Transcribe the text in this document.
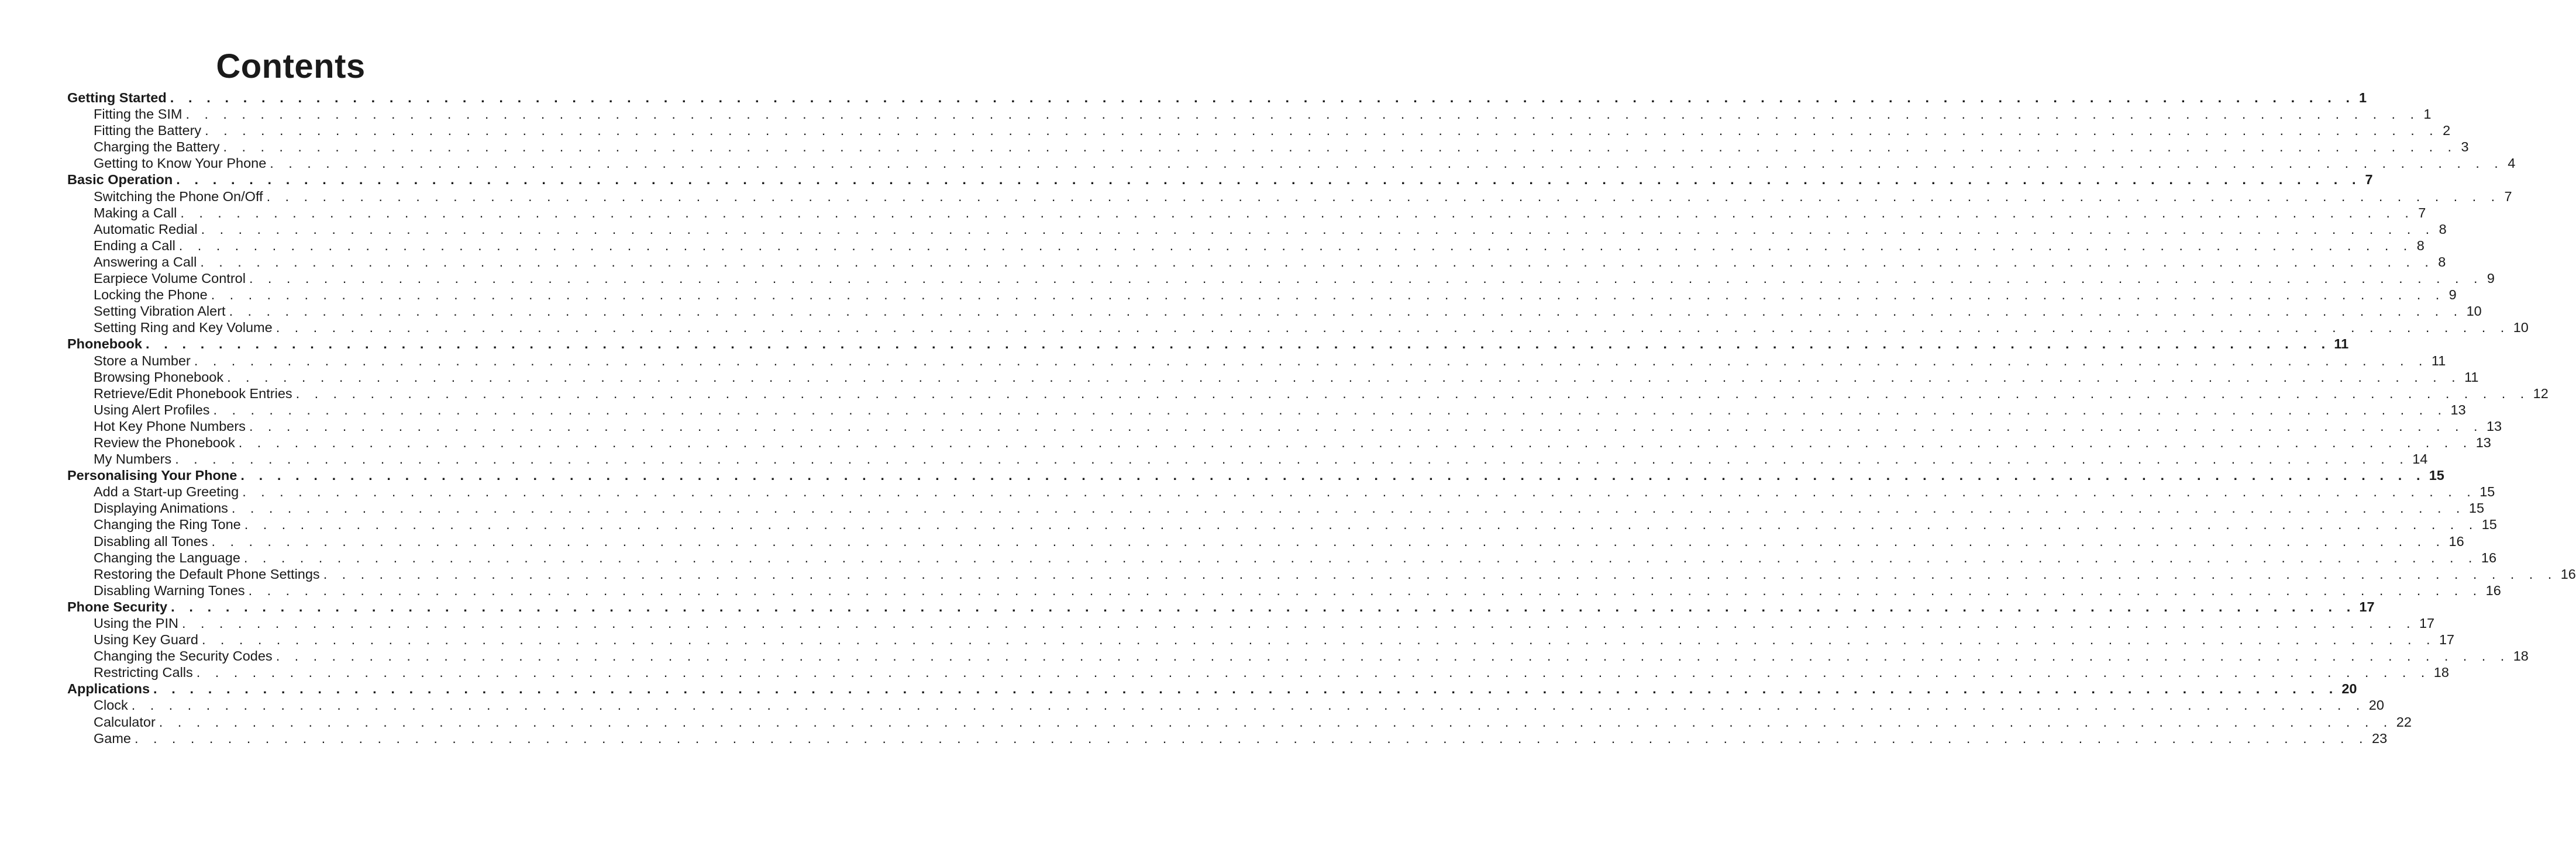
Contents
Getting Started . . . . . . . . . . . . . . . . . . . . . . . . . . . . . . . . . . . . . . . . . . . . . . . . . . . . . . . . . . . . . . . . . . . . . . . . . . . . . . . . . . . . . . . . . . . . . . . . . . . . . . . . . . . . . . . . . . . . . . . . 1
Fitting the SIM . . . . . . . . . . . . . . . . . . . . . . . . . . . . . . . . . . . . . . . . . . . . . . . . . . . . . . . . . . . . . . . . . . . . . . . . . . . . . . . . . . . . . . . . . . . . . . . . . . . . . . . . . . . . . . . . . . . . . . . . 1
Fitting the Battery . . . . . . . . . . . . . . . . . . . . . . . . . . . . . . . . . . . . . . . . . . . . . . . . . . . . . . . . . . . . . . . . . . . . . . . . . . . . . . . . . . . . . . . . . . . . . . . . . . . . . . . . . . . . . . . . . . . . . . . . 2
Charging the Battery . . . . . . . . . . . . . . . . . . . . . . . . . . . . . . . . . . . . . . . . . . . . . . . . . . . . . . . . . . . . . . . . . . . . . . . . . . . . . . . . . . . . . . . . . . . . . . . . . . . . . . . . . . . . . . . . . . . . . . . . 3
Getting to Know Your Phone . . . . . . . . . . . . . . . . . . . . . . . . . . . . . . . . . . . . . . . . . . . . . . . . . . . . . . . . . . . . . . . . . . . . . . . . . . . . . . . . . . . . . . . . . . . . . . . . . . . . . . . . . . . . . . . . . . . . . . . . 4
Basic Operation . . . . . . . . . . . . . . . . . . . . . . . . . . . . . . . . . . . . . . . . . . . . . . . . . . . . . . . . . . . . . . . . . . . . . . . . . . . . . . . . . . . . . . . . . . . . . . . . . . . . . . . . . . . . . . . . . . . . . . . . 7
Switching the Phone On/Off . . . . . . . . . . . . . . . . . . . . . . . . . . . . . . . . . . . . . . . . . . . . . . . . . . . . . . . . . . . . . . . . . . . . . . . . . . . . . . . . . . . . . . . . . . . . . . . . . . . . . . . . . . . . . . . . . . . . . . . . 7
Making a Call . . . . . . . . . . . . . . . . . . . . . . . . . . . . . . . . . . . . . . . . . . . . . . . . . . . . . . . . . . . . . . . . . . . . . . . . . . . . . . . . . . . . . . . . . . . . . . . . . . . . . . . . . . . . . . . . . . . . . . . . 7
Automatic Redial . . . . . . . . . . . . . . . . . . . . . . . . . . . . . . . . . . . . . . . . . . . . . . . . . . . . . . . . . . . . . . . . . . . . . . . . . . . . . . . . . . . . . . . . . . . . . . . . . . . . . . . . . . . . . . . . . . . . . . . . 8
Ending a Call . . . . . . . . . . . . . . . . . . . . . . . . . . . . . . . . . . . . . . . . . . . . . . . . . . . . . . . . . . . . . . . . . . . . . . . . . . . . . . . . . . . . . . . . . . . . . . . . . . . . . . . . . . . . . . . . . . . . . . . . 8
Answering a Call . . . . . . . . . . . . . . . . . . . . . . . . . . . . . . . . . . . . . . . . . . . . . . . . . . . . . . . . . . . . . . . . . . . . . . . . . . . . . . . . . . . . . . . . . . . . . . . . . . . . . . . . . . . . . . . . . . . . . . . . 8
Earpiece Volume Control . . . . . . . . . . . . . . . . . . . . . . . . . . . . . . . . . . . . . . . . . . . . . . . . . . . . . . . . . . . . . . . . . . . . . . . . . . . . . . . . . . . . . . . . . . . . . . . . . . . . . . . . . . . . . . . . . . . . . . . . 9
Locking the Phone . . . . . . . . . . . . . . . . . . . . . . . . . . . . . . . . . . . . . . . . . . . . . . . . . . . . . . . . . . . . . . . . . . . . . . . . . . . . . . . . . . . . . . . . . . . . . . . . . . . . . . . . . . . . . . . . . . . . . . . . 9
Setting Vibration Alert . . . . . . . . . . . . . . . . . . . . . . . . . . . . . . . . . . . . . . . . . . . . . . . . . . . . . . . . . . . . . . . . . . . . . . . . . . . . . . . . . . . . . . . . . . . . . . . . . . . . . . . . . . . . . . . . . . . . . . . . 10
Setting Ring and Key Volume . . . . . . . . . . . . . . . . . . . . . . . . . . . . . . . . . . . . . . . . . . . . . . . . . . . . . . . . . . . . . . . . . . . . . . . . . . . . . . . . . . . . . . . . . . . . . . . . . . . . . . . . . . . . . . . . . . . . . . . . 10
Phonebook . . . . . . . . . . . . . . . . . . . . . . . . . . . . . . . . . . . . . . . . . . . . . . . . . . . . . . . . . . . . . . . . . . . . . . . . . . . . . . . . . . . . . . . . . . . . . . . . . . . . . . . . . . . . . . . . . . . . . . . . 11
Store a Number . . . . . . . . . . . . . . . . . . . . . . . . . . . . . . . . . . . . . . . . . . . . . . . . . . . . . . . . . . . . . . . . . . . . . . . . . . . . . . . . . . . . . . . . . . . . . . . . . . . . . . . . . . . . . . . . . . . . . . . . 11
Browsing Phonebook . . . . . . . . . . . . . . . . . . . . . . . . . . . . . . . . . . . . . . . . . . . . . . . . . . . . . . . . . . . . . . . . . . . . . . . . . . . . . . . . . . . . . . . . . . . . . . . . . . . . . . . . . . . . . . . . . . . . . . . . 11
Retrieve/Edit Phonebook Entries . . . . . . . . . . . . . . . . . . . . . . . . . . . . . . . . . . . . . . . . . . . . . . . . . . . . . . . . . . . . . . . . . . . . . . . . . . . . . . . . . . . . . . . . . . . . . . . . . . . . . . . . . . . . . . . . . . . . . . . . 12
Using Alert Profiles . . . . . . . . . . . . . . . . . . . . . . . . . . . . . . . . . . . . . . . . . . . . . . . . . . . . . . . . . . . . . . . . . . . . . . . . . . . . . . . . . . . . . . . . . . . . . . . . . . . . . . . . . . . . . . . . . . . . . . . . 13
Hot Key Phone Numbers . . . . . . . . . . . . . . . . . . . . . . . . . . . . . . . . . . . . . . . . . . . . . . . . . . . . . . . . . . . . . . . . . . . . . . . . . . . . . . . . . . . . . . . . . . . . . . . . . . . . . . . . . . . . . . . . . . . . . . . . 13
Review the Phonebook . . . . . . . . . . . . . . . . . . . . . . . . . . . . . . . . . . . . . . . . . . . . . . . . . . . . . . . . . . . . . . . . . . . . . . . . . . . . . . . . . . . . . . . . . . . . . . . . . . . . . . . . . . . . . . . . . . . . . . . . 13
My Numbers . . . . . . . . . . . . . . . . . . . . . . . . . . . . . . . . . . . . . . . . . . . . . . . . . . . . . . . . . . . . . . . . . . . . . . . . . . . . . . . . . . . . . . . . . . . . . . . . . . . . . . . . . . . . . . . . . . . . . . . . 14
Personalising Your Phone . . . . . . . . . . . . . . . . . . . . . . . . . . . . . . . . . . . . . . . . . . . . . . . . . . . . . . . . . . . . . . . . . . . . . . . . . . . . . . . . . . . . . . . . . . . . . . . . . . . . . . . . . . . . . . . . . . . . . . . . 15
Add a Start-up Greeting . . . . . . . . . . . . . . . . . . . . . . . . . . . . . . . . . . . . . . . . . . . . . . . . . . . . . . . . . . . . . . . . . . . . . . . . . . . . . . . . . . . . . . . . . . . . . . . . . . . . . . . . . . . . . . . . . . . . . . . . 15
Displaying Animations . . . . . . . . . . . . . . . . . . . . . . . . . . . . . . . . . . . . . . . . . . . . . . . . . . . . . . . . . . . . . . . . . . . . . . . . . . . . . . . . . . . . . . . . . . . . . . . . . . . . . . . . . . . . . . . . . . . . . . . . 15
Changing the Ring Tone . . . . . . . . . . . . . . . . . . . . . . . . . . . . . . . . . . . . . . . . . . . . . . . . . . . . . . . . . . . . . . . . . . . . . . . . . . . . . . . . . . . . . . . . . . . . . . . . . . . . . . . . . . . . . . . . . . . . . . . . 15
Disabling all Tones . . . . . . . . . . . . . . . . . . . . . . . . . . . . . . . . . . . . . . . . . . . . . . . . . . . . . . . . . . . . . . . . . . . . . . . . . . . . . . . . . . . . . . . . . . . . . . . . . . . . . . . . . . . . . . . . . . . . . . . . 16
Changing the Language . . . . . . . . . . . . . . . . . . . . . . . . . . . . . . . . . . . . . . . . . . . . . . . . . . . . . . . . . . . . . . . . . . . . . . . . . . . . . . . . . . . . . . . . . . . . . . . . . . . . . . . . . . . . . . . . . . . . . . . . 16
Restoring the Default Phone Settings . . . . . . . . . . . . . . . . . . . . . . . . . . . . . . . . . . . . . . . . . . . . . . . . . . . . . . . . . . . . . . . . . . . . . . . . . . . . . . . . . . . . . . . . . . . . . . . . . . . . . . . . . . . . . . . . . . . . . . . . 16
Disabling Warning Tones . . . . . . . . . . . . . . . . . . . . . . . . . . . . . . . . . . . . . . . . . . . . . . . . . . . . . . . . . . . . . . . . . . . . . . . . . . . . . . . . . . . . . . . . . . . . . . . . . . . . . . . . . . . . . . . . . . . . . . . . 16
Phone Security . . . . . . . . . . . . . . . . . . . . . . . . . . . . . . . . . . . . . . . . . . . . . . . . . . . . . . . . . . . . . . . . . . . . . . . . . . . . . . . . . . . . . . . . . . . . . . . . . . . . . . . . . . . . . . . . . . . . . . . . 17
Using the PIN . . . . . . . . . . . . . . . . . . . . . . . . . . . . . . . . . . . . . . . . . . . . . . . . . . . . . . . . . . . . . . . . . . . . . . . . . . . . . . . . . . . . . . . . . . . . . . . . . . . . . . . . . . . . . . . . . . . . . . . . 17
Using Key Guard . . . . . . . . . . . . . . . . . . . . . . . . . . . . . . . . . . . . . . . . . . . . . . . . . . . . . . . . . . . . . . . . . . . . . . . . . . . . . . . . . . . . . . . . . . . . . . . . . . . . . . . . . . . . . . . . . . . . . . . . 17
Changing the Security Codes . . . . . . . . . . . . . . . . . . . . . . . . . . . . . . . . . . . . . . . . . . . . . . . . . . . . . . . . . . . . . . . . . . . . . . . . . . . . . . . . . . . . . . . . . . . . . . . . . . . . . . . . . . . . . . . . . . . . . . . . 18
Restricting Calls . . . . . . . . . . . . . . . . . . . . . . . . . . . . . . . . . . . . . . . . . . . . . . . . . . . . . . . . . . . . . . . . . . . . . . . . . . . . . . . . . . . . . . . . . . . . . . . . . . . . . . . . . . . . . . . . . . . . . . . . 18
Applications . . . . . . . . . . . . . . . . . . . . . . . . . . . . . . . . . . . . . . . . . . . . . . . . . . . . . . . . . . . . . . . . . . . . . . . . . . . . . . . . . . . . . . . . . . . . . . . . . . . . . . . . . . . . . . . . . . . . . . . . 20
Clock . . . . . . . . . . . . . . . . . . . . . . . . . . . . . . . . . . . . . . . . . . . . . . . . . . . . . . . . . . . . . . . . . . . . . . . . . . . . . . . . . . . . . . . . . . . . . . . . . . . . . . . . . . . . . . . . . . . . . . . . 20
Calculator . . . . . . . . . . . . . . . . . . . . . . . . . . . . . . . . . . . . . . . . . . . . . . . . . . . . . . . . . . . . . . . . . . . . . . . . . . . . . . . . . . . . . . . . . . . . . . . . . . . . . . . . . . . . . . . . . . . . . . . . 22
Game . . . . . . . . . . . . . . . . . . . . . . . . . . . . . . . . . . . . . . . . . . . . . . . . . . . . . . . . . . . . . . . . . . . . . . . . . . . . . . . . . . . . . . . . . . . . . . . . . . . . . . . . . . . . . . . . . . . . . . . . 23
